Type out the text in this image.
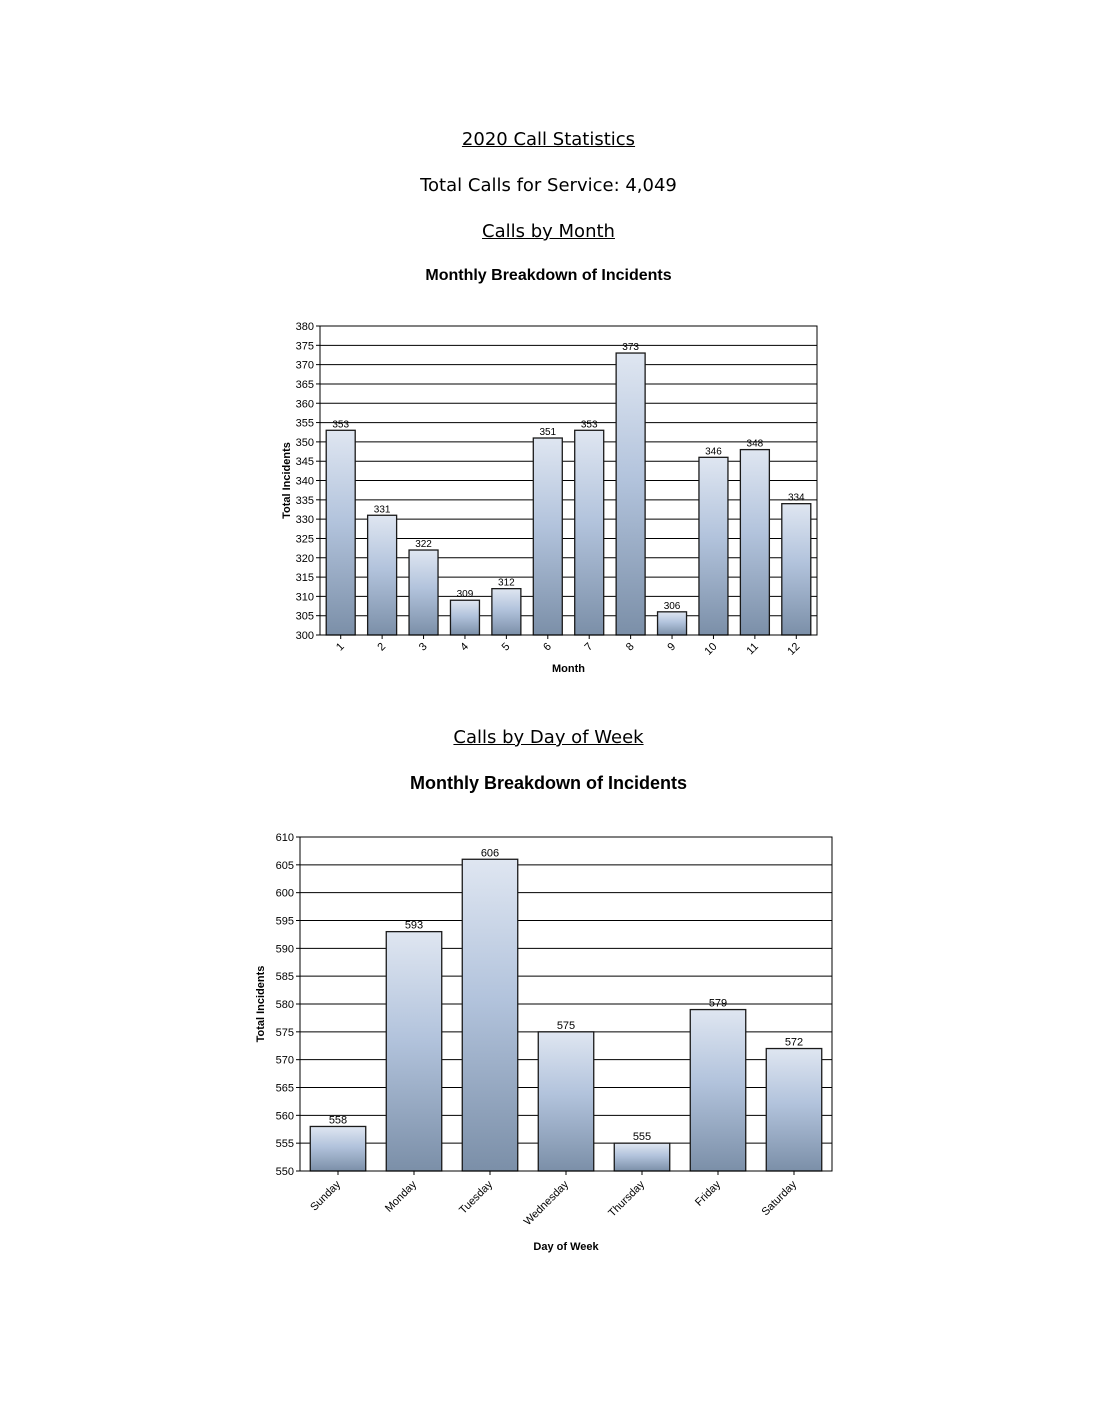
2020 Call Statistics
Total Calls for Service: 4,049
Calls by Month
Monthly Breakdown of Incidents
300
305
310
315
320
325
330
335
340
345
350
355
360
365
370
375
380
353
1
331
2
322
3
309
4
312
5
351
6
353
7
373
8
306
9
346
10
348
11
334
12
Month
Total Incidents
Calls by Day of Week
Monthly Breakdown of Incidents
550
555
560
565
570
575
580
585
590
595
600
605
610
558
Sunday
593
Monday
606
Tuesday
575
Wednesday
555
Thursday
579
Friday
572
Saturday
Day of Week
Total Incidents
